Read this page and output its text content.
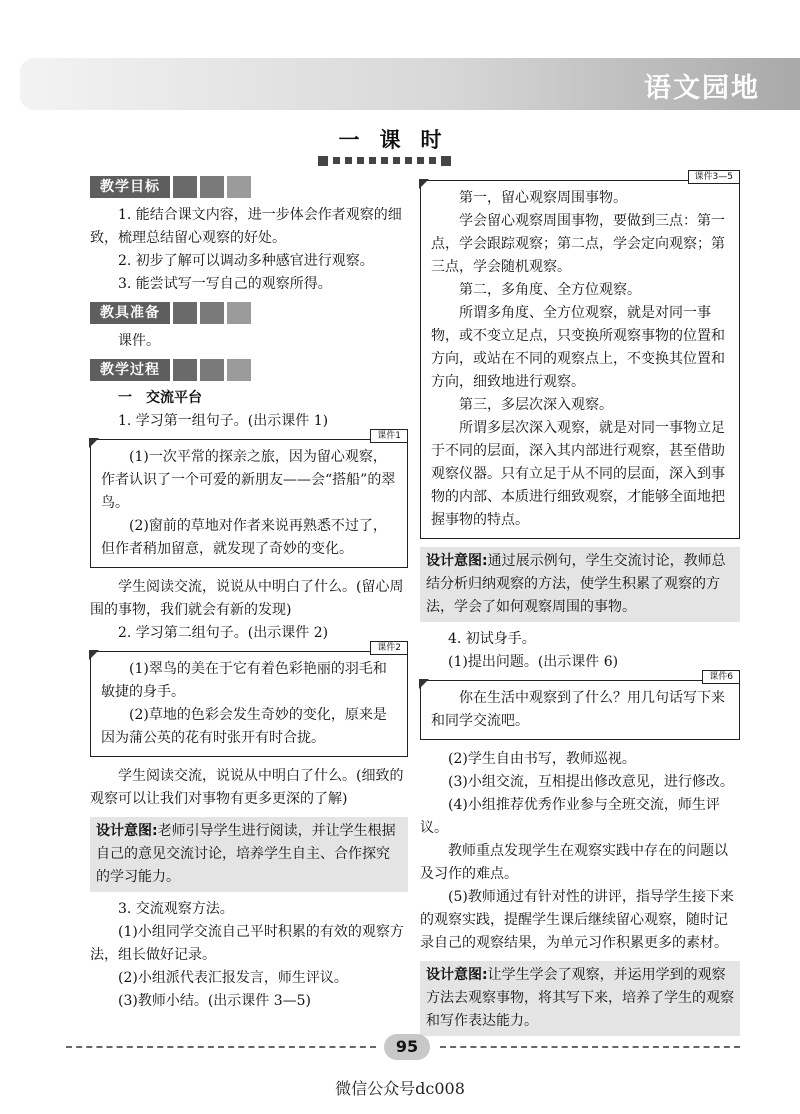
语文园地
一课时
教学目标

1. 能结合课文内容，进一步体会作者观察的细致，梳理总结留心观察的好处。

2. 初步了解可以调动多种感官进行观察。

3. 能尝试写一写自己的观察所得。

教具准备

课件。

教学过程

一　交流平台

1. 学习第一组句子。(出示课件 1)

课件1

(1)一次平常的探亲之旅，因为留心观察，作者认识了一个可爱的新朋友——会“搭船”的翠鸟。

(2)窗前的草地对作者来说再熟悉不过了，但作者稍加留意，就发现了奇妙的变化。

学生阅读交流，说说从中明白了什么。(留心周围的事物，我们就会有新的发现)

2. 学习第二组句子。(出示课件 2)

课件2

(1)翠鸟的美在于它有着色彩艳丽的羽毛和敏捷的身手。

(2)草地的色彩会发生奇妙的变化，原来是因为蒲公英的花有时张开有时合拢。

学生阅读交流，说说从中明白了什么。(细致的观察可以让我们对事物有更多更深的了解)

设计意图:老师引导学生进行阅读，并让学生根据自己的意见交流讨论，培养学生自主、合作探究的学习能力。

3. 交流观察方法。

(1)小组同学交流自己平时积累的有效的观察方法，组长做好记录。

(2)小组派代表汇报发言，师生评议。

(3)教师小结。(出示课件 3—5)

课件3—5

第一，留心观察周围事物。

学会留心观察周围事物，要做到三点：第一点，学会跟踪观察；第二点，学会定向观察；第三点，学会随机观察。

第二，多角度、全方位观察。

所谓多角度、全方位观察，就是对同一事物，或不变立足点，只变换所观察事物的位置和方向，或站在不同的观察点上，不变换其位置和方向，细致地进行观察。

第三，多层次深入观察。

所谓多层次深入观察，就是对同一事物立足于不同的层面，深入其内部进行观察，甚至借助观察仪器。只有立足于从不同的层面，深入到事物的内部、本质进行细致观察，才能够全面地把握事物的特点。

设计意图:通过展示例句，学生交流讨论，教师总结分析归纳观察的方法，使学生积累了观察的方法，学会了如何观察周围的事物。

4. 初试身手。

(1)提出问题。(出示课件 6)

课件6

你在生活中观察到了什么？用几句话写下来和同学交流吧。

(2)学生自由书写，教师巡视。

(3)小组交流，互相提出修改意见，进行修改。

(4)小组推荐优秀作业参与全班交流，师生评议。

教师重点发现学生在观察实践中存在的问题以及习作的难点。

(5)教师通过有针对性的讲评，指导学生接下来的观察实践，提醒学生课后继续留心观察，随时记录自己的观察结果，为单元习作积累更多的素材。

设计意图:让学生学会了观察，并运用学到的观察方法去观察事物，将其写下来，培养了学生的观察和写作表达能力。
95
微信公众号dc008
